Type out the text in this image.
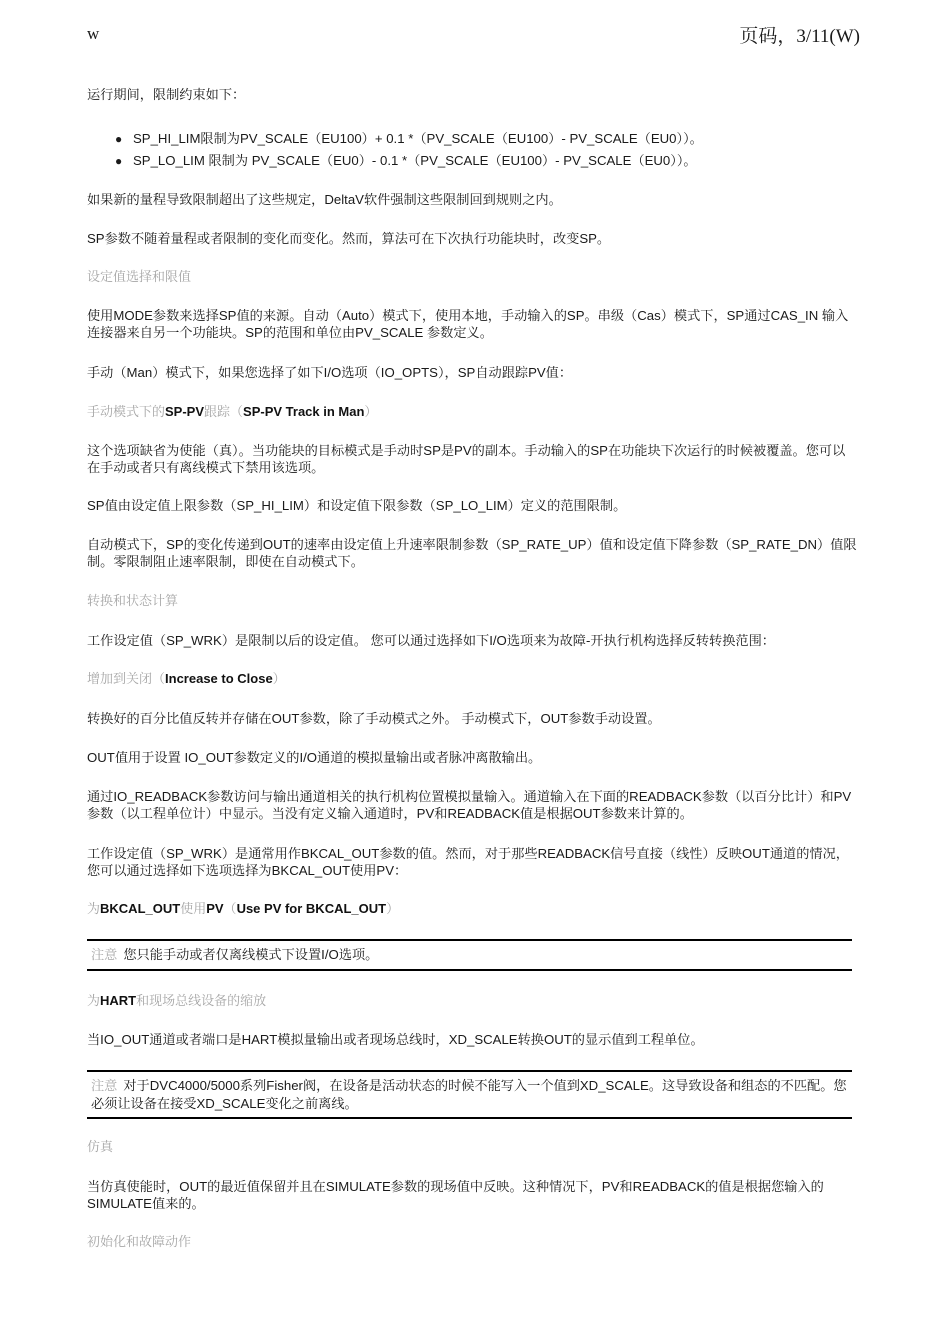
w	页码，3/11(W)
运行期间，限制约束如下：
● SP_HI_LIM限制为PV_SCALE（EU100）+ 0.1 *（PV_SCALE（EU100）- PV_SCALE（EU0））。
● SP_LO_LIM 限制为 PV_SCALE（EU0）- 0.1 *（PV_SCALE（EU100）- PV_SCALE（EU0））。
如果新的量程导致限制超出了这些规定，DeltaV软件强制这些限制回到规则之内。
SP参数不随着量程或者限制的变化而变化。然而，算法可在下次执行功能块时，改变SP。
设定值选择和限值
使用MODE参数来选择SP值的来源。自动（Auto）模式下，使用本地，手动输入的SP。串级（Cas）模式下，SP通过CAS_IN 输入连接器来自另一个功能块。SP的范围和单位由PV_SCALE 参数定义。
手动（Man）模式下，如果您选择了如下I/O选项（IO_OPTS），SP自动跟踪PV值：
手动模式下的SP-PV跟踪（SP-PV Track in Man）
这个选项缺省为使能（真）。当功能块的目标模式是手动时SP是PV的副本。手动输入的SP在功能块下次运行的时候被覆盖。您可以在手动或者只有离线模式下禁用该选项。
SP值由设定值上限参数（SP_HI_LIM）和设定值下限参数（SP_LO_LIM）定义的范围限制。
自动模式下，SP的变化传递到OUT的速率由设定值上升速率限制参数（SP_RATE_UP）值和设定值下降参数（SP_RATE_DN）值限制。零限制阻止速率限制，即使在自动模式下。
转换和状态计算
工作设定值（SP_WRK）是限制以后的设定值。 您可以通过选择如下I/O选项来为故障-开执行机构选择反转转换范围：
增加到关闭（Increase to Close）
转换好的百分比值反转并存储在OUT参数，除了手动模式之外。 手动模式下，OUT参数手动设置。
OUT值用于设置 IO_OUT参数定义的I/O通道的模拟量输出或者脉冲离散输出。
通过IO_READBACK参数访问与输出通道相关的执行机构位置模拟量输入。通道输入在下面的READBACK参数（以百分比计）和PV参数（以工程单位计）中显示。当没有定义输入通道时，PV和READBACK值是根据OUT参数来计算的。
工作设定值（SP_WRK）是通常用作BKCAL_OUT参数的值。然而，对于那些READBACK信号直接（线性）反映OUT通道的情况，您可以通过选择如下选项选择为BKCAL_OUT使用PV：
为BKCAL_OUT使用PV（Use PV for BKCAL_OUT）
注意 您只能手动或者仅离线模式下设置I/O选项。
为HART和现场总线设备的缩放
当IO_OUT通道或者端口是HART模拟量输出或者现场总线时，XD_SCALE转换OUT的显示值到工程单位。
注意 对于DVC4000/5000系列Fisher阀，在设备是活动状态的时候不能写入一个值到XD_SCALE。这导致设备和组态的不匹配。您必须让设备在接受XD_SCALE变化之前离线。
仿真
当仿真使能时，OUT的最近值保留并且在SIMULATE参数的现场值中反映。这种情况下，PV和READBACK的值是根据您输入的SIMULATE值来的。
初始化和故障动作
